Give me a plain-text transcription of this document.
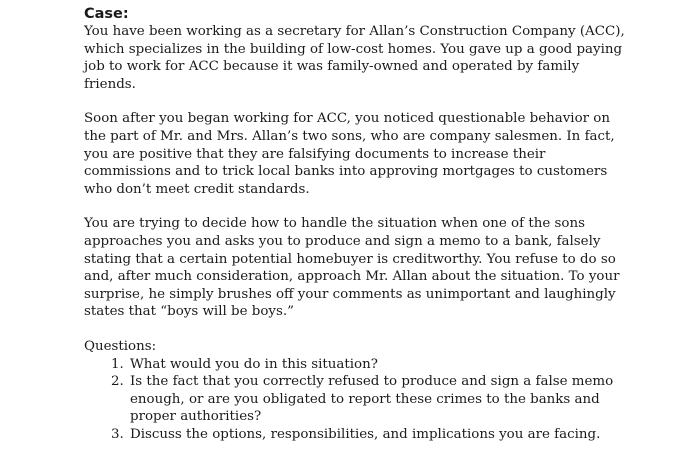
Case:

You have been working as a secretary for Allan’s Construction Company (ACC), which specializes in the building of low-cost homes. You gave up a good paying job to work for ACC because it was family-owned and operated by family friends.

Soon after you began working for ACC, you noticed questionable behavior on the part of Mr. and Mrs. Allan’s two sons, who are company salesmen. In fact, you are positive that they are falsifying documents to increase their commissions and to trick local banks into approving mortgages to customers who don’t meet credit standards.

You are trying to decide how to handle the situation when one of the sons approaches you and asks you to produce and sign a memo to a bank, falsely stating that a certain potential homebuyer is creditworthy. You refuse to do so and, after much consideration, approach Mr. Allan about the situation. To your surprise, he simply brushes off your comments as unimportant and laughingly states that “boys will be boys.”

Questions:

1. What would you do in this situation?
2. Is the fact that you correctly refused to produce and sign a false memo enough, or are you obligated to report these crimes to the banks and proper authorities?
3. Discuss the options, responsibilities, and implications you are facing.
